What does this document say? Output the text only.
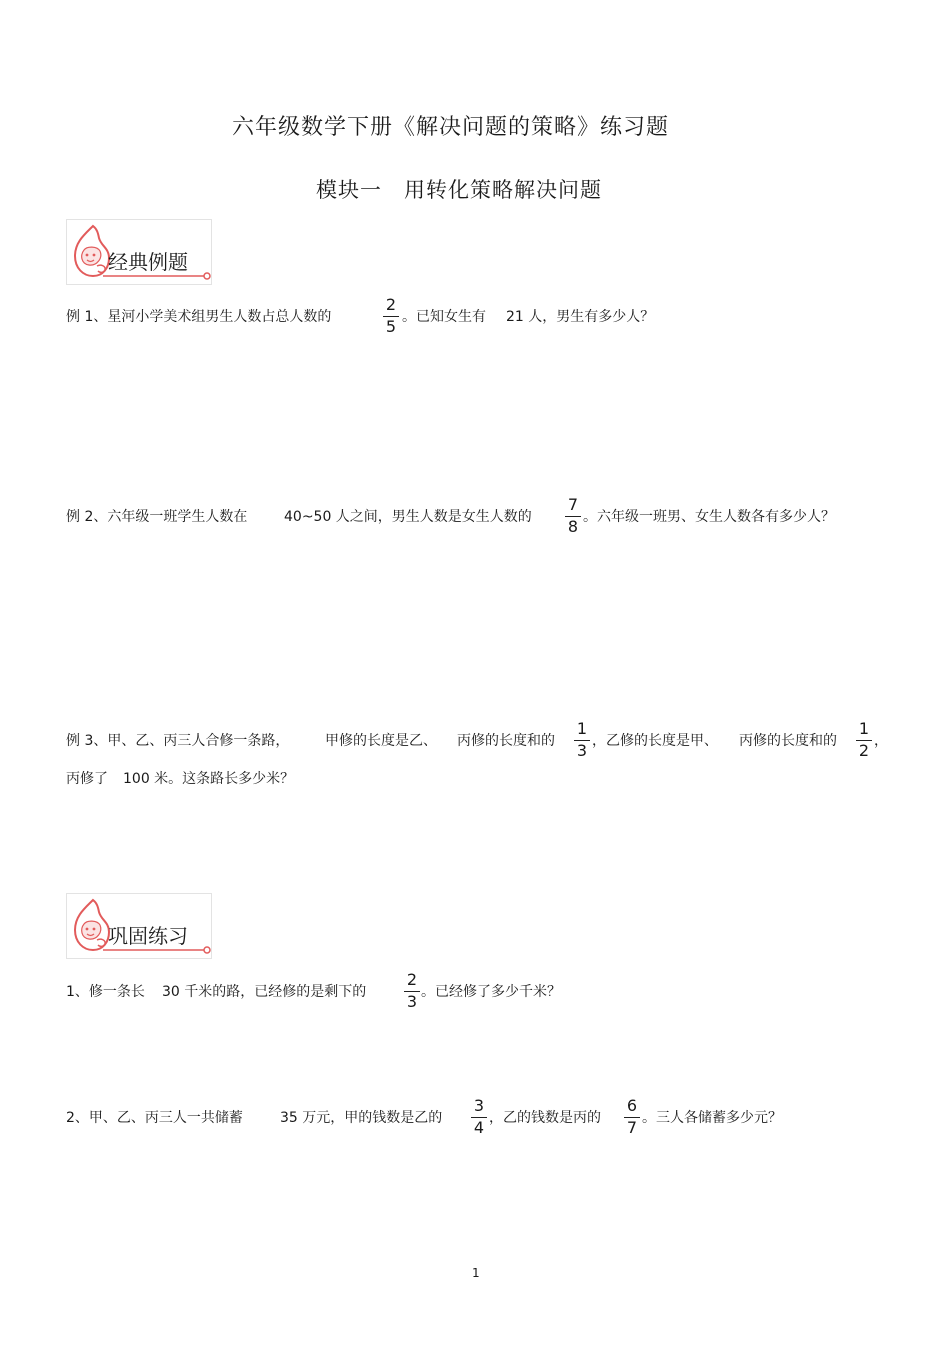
六年级数学下册《解决问题的策略》练习题
模块一　用转化策略解决问题
经典例题
例 1、星河小学美术组男生人数占总人数的
2
5 。已知女生有 21 人，男生有多少人？
例 2、六年级一班学生人数在	40~50 人之间，男生人数是女生人数的
7
8 。六年级一班男、女生人数各有多少人？
例 3、甲、乙、丙三人合修一条路，	甲修的长度是乙、 丙修的长度和的
1
3 ，乙修的长度是甲、 丙修的长度和的
1
2 ，
丙修了 100 米。这条路长多少米？
巩固练习
1、修一条长 30 千米的路，已经修的是剩下的
2
3 。已经修了多少千米？
2、甲、乙、丙三人一共储蓄	35 万元，甲的钱数是乙的
3
4 ，乙的钱数是丙的
6
7 。三人各储蓄多少元？
1
